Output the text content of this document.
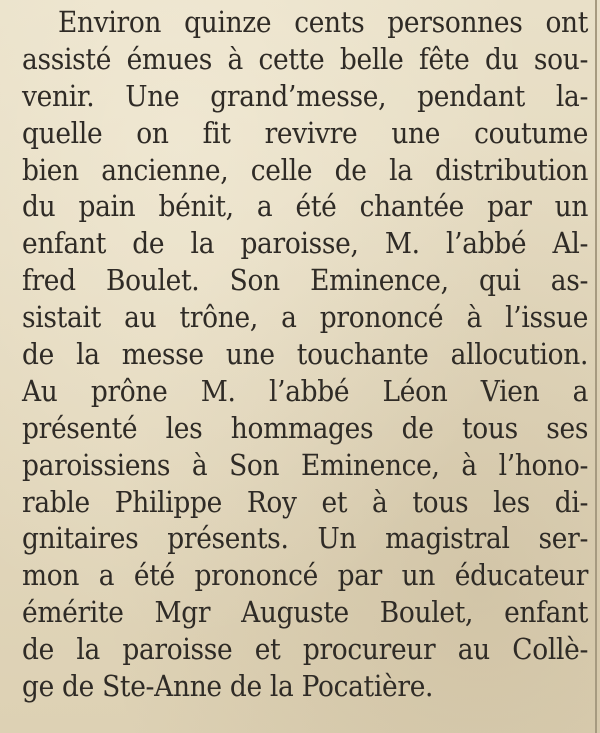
Environ quinze cents personnes ont
assisté émues à cette belle fête du sou-
venir. Une grand’messe, pendant la-
quelle on fit revivre une coutume
bien ancienne, celle de la distribution
du pain bénit, a été chantée par un
enfant de la paroisse, M. l’abbé Al-
fred Boulet. Son Eminence, qui as-
sistait au trône, a prononcé à l’issue
de la messe une touchante allocution.
Au prône M. l’abbé Léon Vien a
présenté les hommages de tous ses
paroissiens à Son Eminence, à l’hono-
rable Philippe Roy et à tous les di-
gnitaires présents. Un magistral ser-
mon a été prononcé par un éducateur
émérite Mgr Auguste Boulet, enfant
de la paroisse et procureur au Collè-
ge de Ste-Anne de la Pocatière.
